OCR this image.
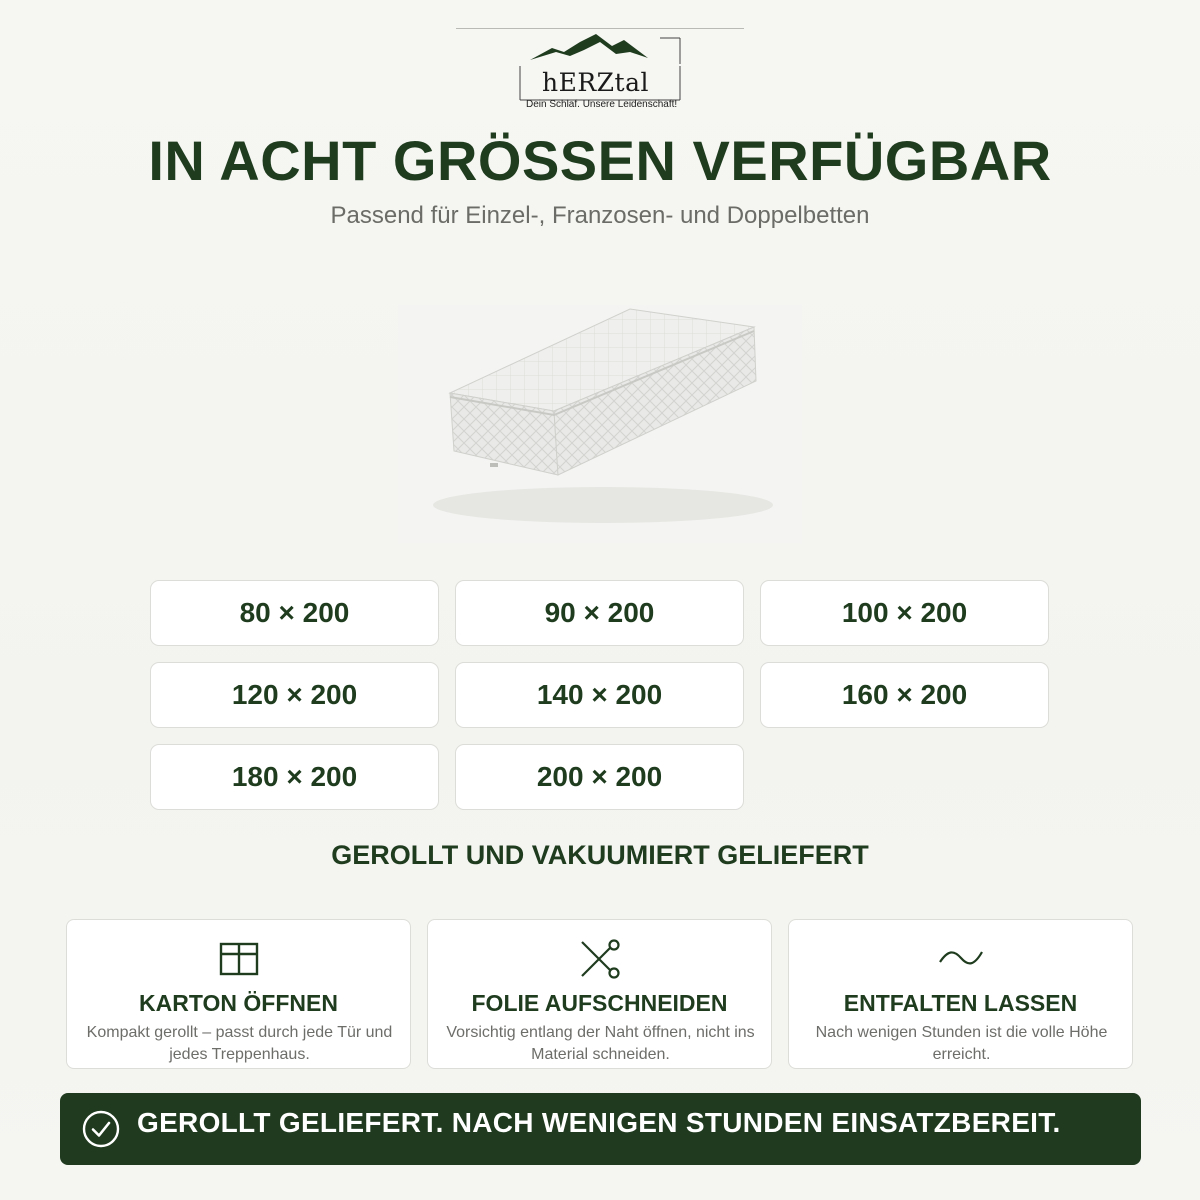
hERZtal
Dein Schlaf. Unsere Leidenschaft!
IN ACHT GRÖSSEN VERFÜGBAR
Passend für Einzel-, Franzosen- und Doppelbetten
80 × 200	90 × 200	100 × 200
120 × 200	140 × 200	160 × 200
180 × 200	200 × 200
GEROLLT UND VAKUUMIERT GELIEFERT
KARTON ÖFFNEN
Kompakt gerollt – passt durch jede Tür und jedes Treppenhaus.
FOLIE AUFSCHNEIDEN
Vorsichtig entlang der Naht öffnen, nicht ins Material schneiden.
ENTFALTEN LASSEN
Nach wenigen Stunden ist die volle Höhe erreicht.
GEROLLT GELIEFERT. NACH WENIGEN STUNDEN EINSATZBEREIT.
